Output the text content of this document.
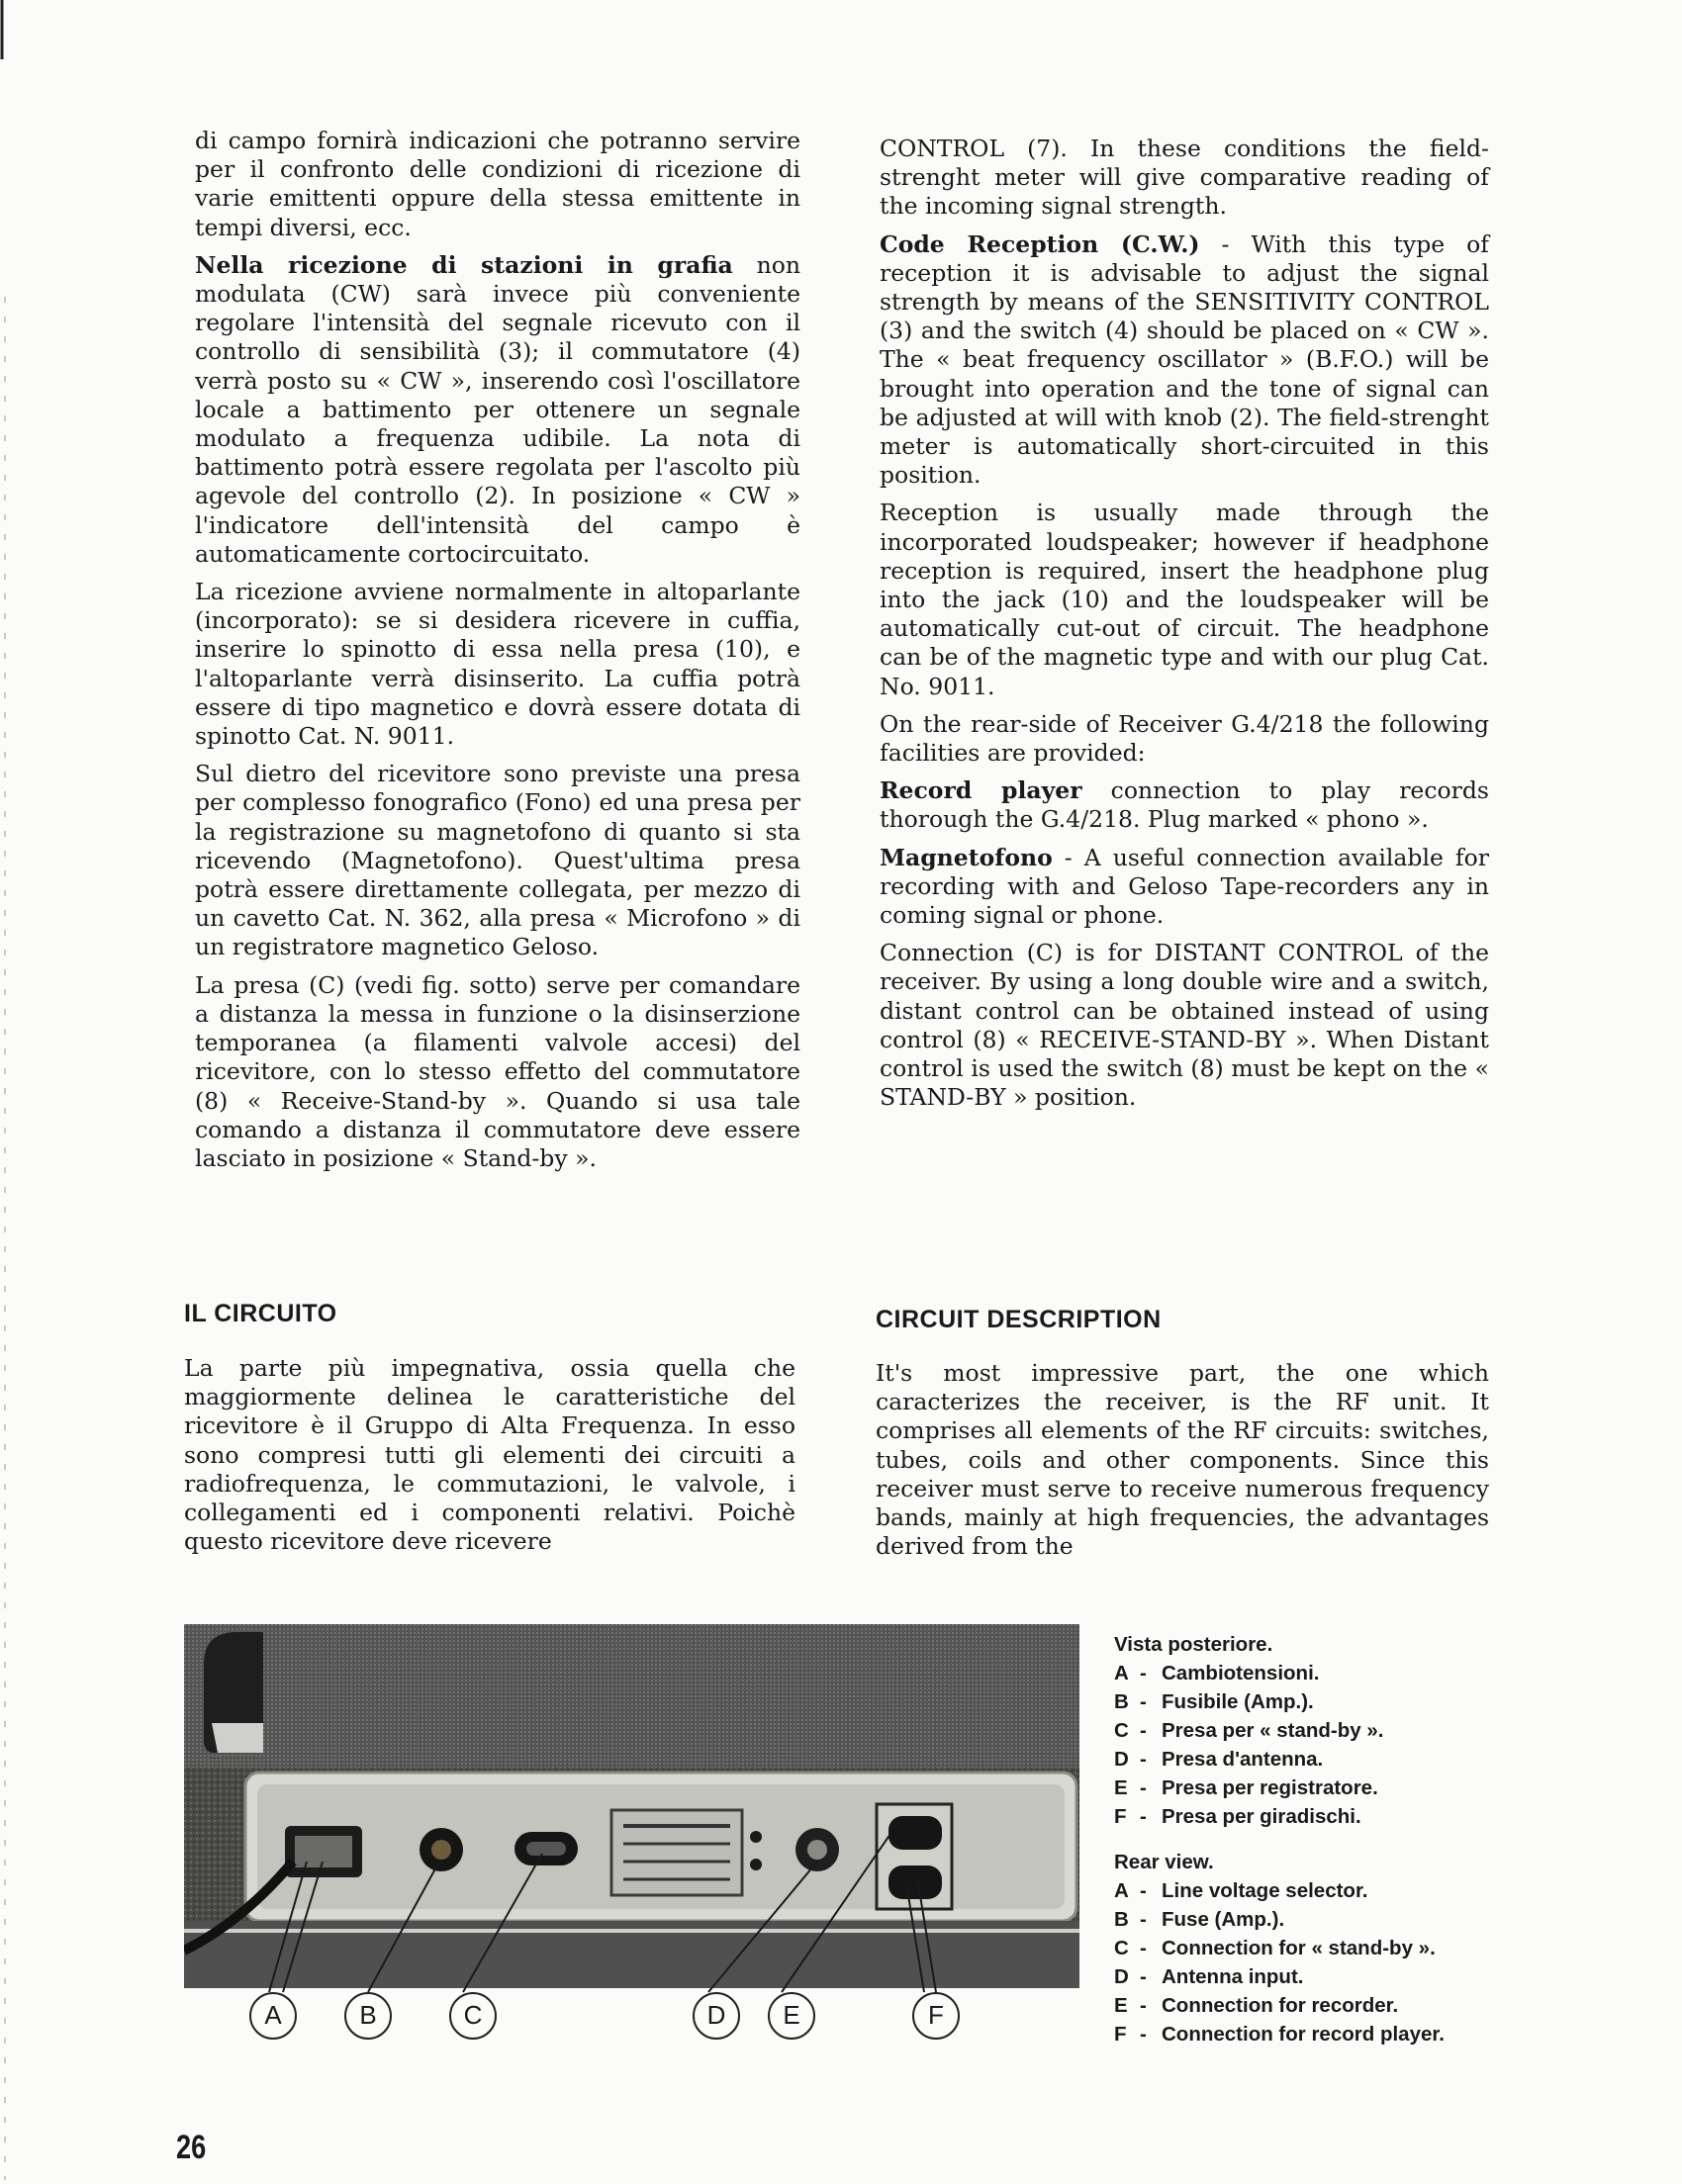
di campo fornirà indicazioni che potranno servire per il confronto delle condizioni di ricezione di varie emittenti oppure della stessa emittente in tempi diversi, ecc.

Nella ricezione di stazioni in grafia non modulata (CW) sarà invece più conveniente regolare l'intensità del segnale ricevuto con il controllo di sensibilità (3); il commutatore (4) verrà posto su « CW », inserendo così l'oscillatore locale a battimento per ottenere un segnale modulato a frequenza udibile. La nota di battimento potrà essere regolata per l'ascolto più agevole del controllo (2). In posizione « CW » l'indicatore dell'intensità del campo è automaticamente cortocircuitato.

La ricezione avviene normalmente in altoparlante (incorporato): se si desidera ricevere in cuffia, inserire lo spinotto di essa nella presa (10), e l'altoparlante verrà disinserito. La cuffia potrà essere di tipo magnetico e dovrà essere dotata di spinotto Cat. N. 9011.

Sul dietro del ricevitore sono previste una presa per complesso fonografico (Fono) ed una presa per la registrazione su magnetofono di quanto si sta ricevendo (Magnetofono). Quest'ultima presa potrà essere direttamente collegata, per mezzo di un cavetto Cat. N. 362, alla presa « Microfono » di un registratore magnetico Geloso.

La presa (C) (vedi fig. sotto) serve per comandare a distanza la messa in funzione o la disinserzione temporanea (a filamenti valvole accesi) del ricevitore, con lo stesso effetto del commutatore (8) « Receive-Stand-by ». Quando si usa tale comando a distanza il commutatore deve essere lasciato in posizione « Stand-by ».

CONTROL (7). In these conditions the field-strenght meter will give comparative reading of the incoming signal strength.

Code Reception (C.W.) - With this type of reception it is advisable to adjust the signal strength by means of the SENSITIVITY CONTROL (3) and the switch (4) should be placed on « CW ». The « beat frequency oscillator » (B.F.O.) will be brought into operation and the tone of signal can be adjusted at will with knob (2). The field-strenght meter is automatically short-circuited in this position.

Reception is usually made through the incorporated loudspeaker; however if headphone reception is required, insert the headphone plug into the jack (10) and the loudspeaker will be automatically cut-out of circuit. The headphone can be of the magnetic type and with our plug Cat. No. 9011.

On the rear-side of Receiver G.4/218 the following facilities are provided:

Record player connection to play records thorough the G.4/218. Plug marked « phono ».

Magnetofono - A useful connection available for recording with and Geloso Tape-recorders any in coming signal or phone.

Connection (C) is for DISTANT CONTROL of the receiver. By using a long double wire and a switch, distant control can be obtained instead of using control (8) « RECEIVE-STAND-BY ». When Distant control is used the switch (8) must be kept on the « STAND-BY » position.

IL CIRCUITO	CIRCUIT DESCRIPTION

La parte più impegnativa, ossia quella che maggiormente delinea le caratteristiche del ricevitore è il Gruppo di Alta Frequenza. In esso sono compresi tutti gli elementi dei circuiti a radiofrequenza, le commutazioni, le valvole, i collegamenti ed i componenti relativi. Poichè questo ricevitore deve ricevere

It's most impressive part, the one which caracterizes the receiver, is the RF unit. It comprises all elements of the RF circuits: switches, tubes, coils and other components. Since this receiver must serve to receive numerous frequency bands, mainly at high frequencies, the advantages derived from the

A	B	C	D	E	F

Vista posteriore.

A - Cambiotensioni.
B - Fusibile (Amp.).
C - Presa per « stand-by ».
D - Presa d'antenna.
E - Presa per registratore.
F - Presa per giradischi.

Rear view.

A - Line voltage selector.
B - Fuse (Amp.).
C - Connection for « stand-by ».
D - Antenna input.
E - Connection for recorder.
F - Connection for record player.
26
